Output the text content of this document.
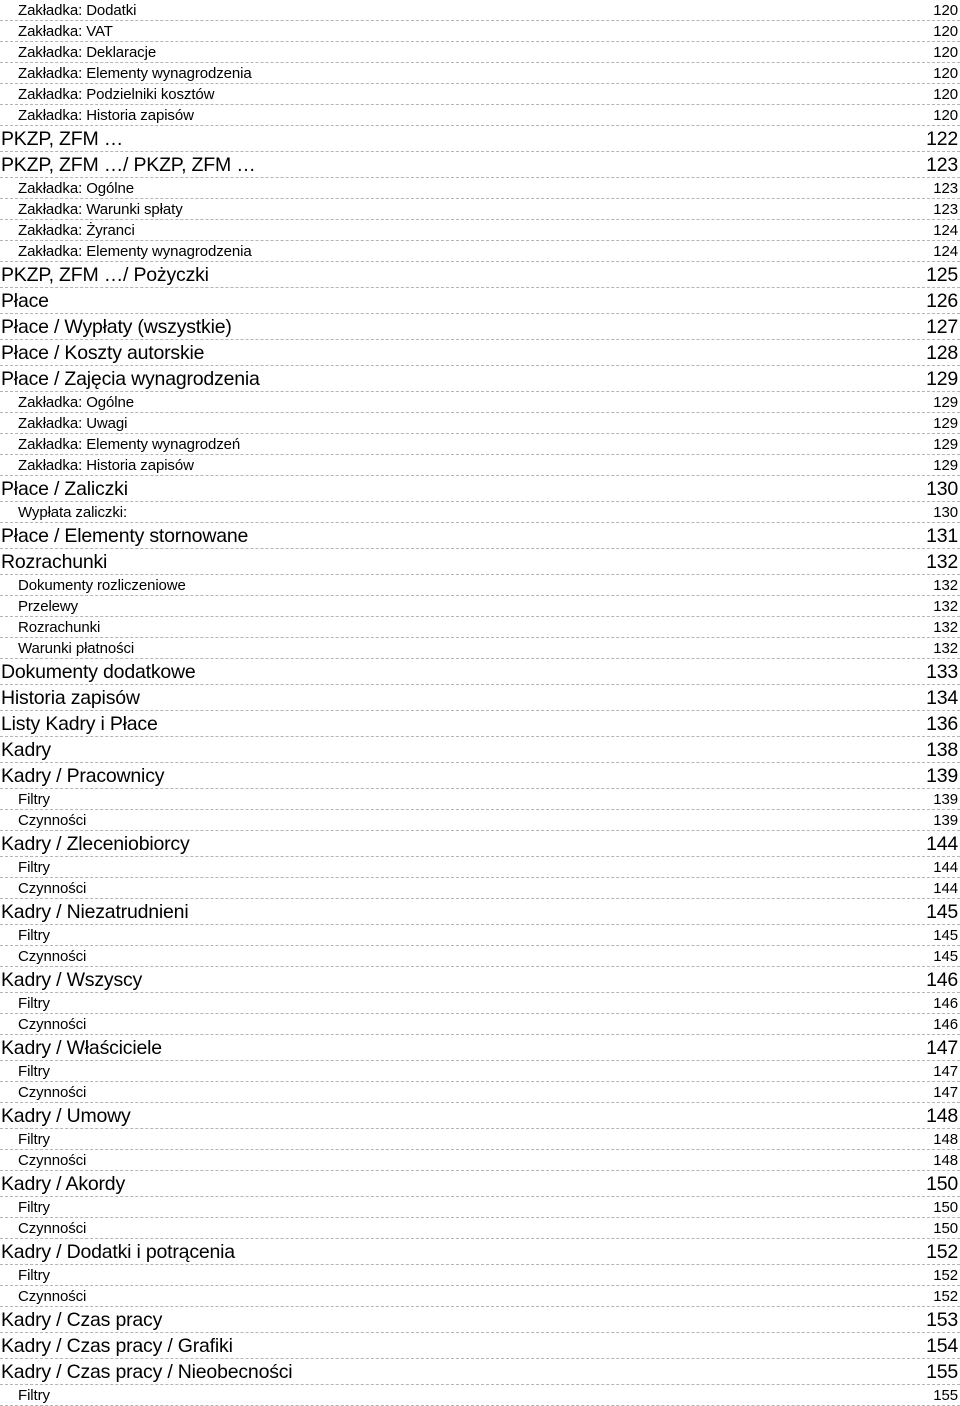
Zakładka: Dodatki	120
Zakładka: VAT	120
Zakładka: Deklaracje	120
Zakładka: Elementy wynagrodzenia	120
Zakładka: Podzielniki kosztów	120
Zakładka: Historia zapisów	120
PKZP, ZFM …	122
PKZP, ZFM …/ PKZP, ZFM …	123
Zakładka: Ogólne	123
Zakładka: Warunki spłaty	123
Zakładka: Żyranci	124
Zakładka: Elementy wynagrodzenia	124
PKZP, ZFM …/ Pożyczki	125
Płace	126
Płace / Wypłaty (wszystkie)	127
Płace / Koszty autorskie	128
Płace / Zajęcia wynagrodzenia	129
Zakładka: Ogólne	129
Zakładka: Uwagi	129
Zakładka: Elementy wynagrodzeń	129
Zakładka: Historia zapisów	129
Płace / Zaliczki	130
Wypłata zaliczki:	130
Płace / Elementy stornowane	131
Rozrachunki	132
Dokumenty rozliczeniowe	132
Przelewy	132
Rozrachunki	132
Warunki płatności	132
Dokumenty dodatkowe	133
Historia zapisów	134
Listy Kadry i Płace	136
Kadry	138
Kadry / Pracownicy	139
Filtry	139
Czynności	139
Kadry / Zleceniobiorcy	144
Filtry	144
Czynności	144
Kadry / Niezatrudnieni	145
Filtry	145
Czynności	145
Kadry / Wszyscy	146
Filtry	146
Czynności	146
Kadry / Właściciele	147
Filtry	147
Czynności	147
Kadry / Umowy	148
Filtry	148
Czynności	148
Kadry / Akordy	150
Filtry	150
Czynności	150
Kadry / Dodatki i potrącenia	152
Filtry	152
Czynności	152
Kadry / Czas pracy	153
Kadry / Czas pracy / Grafiki	154
Kadry / Czas pracy / Nieobecności	155
Filtry	155
